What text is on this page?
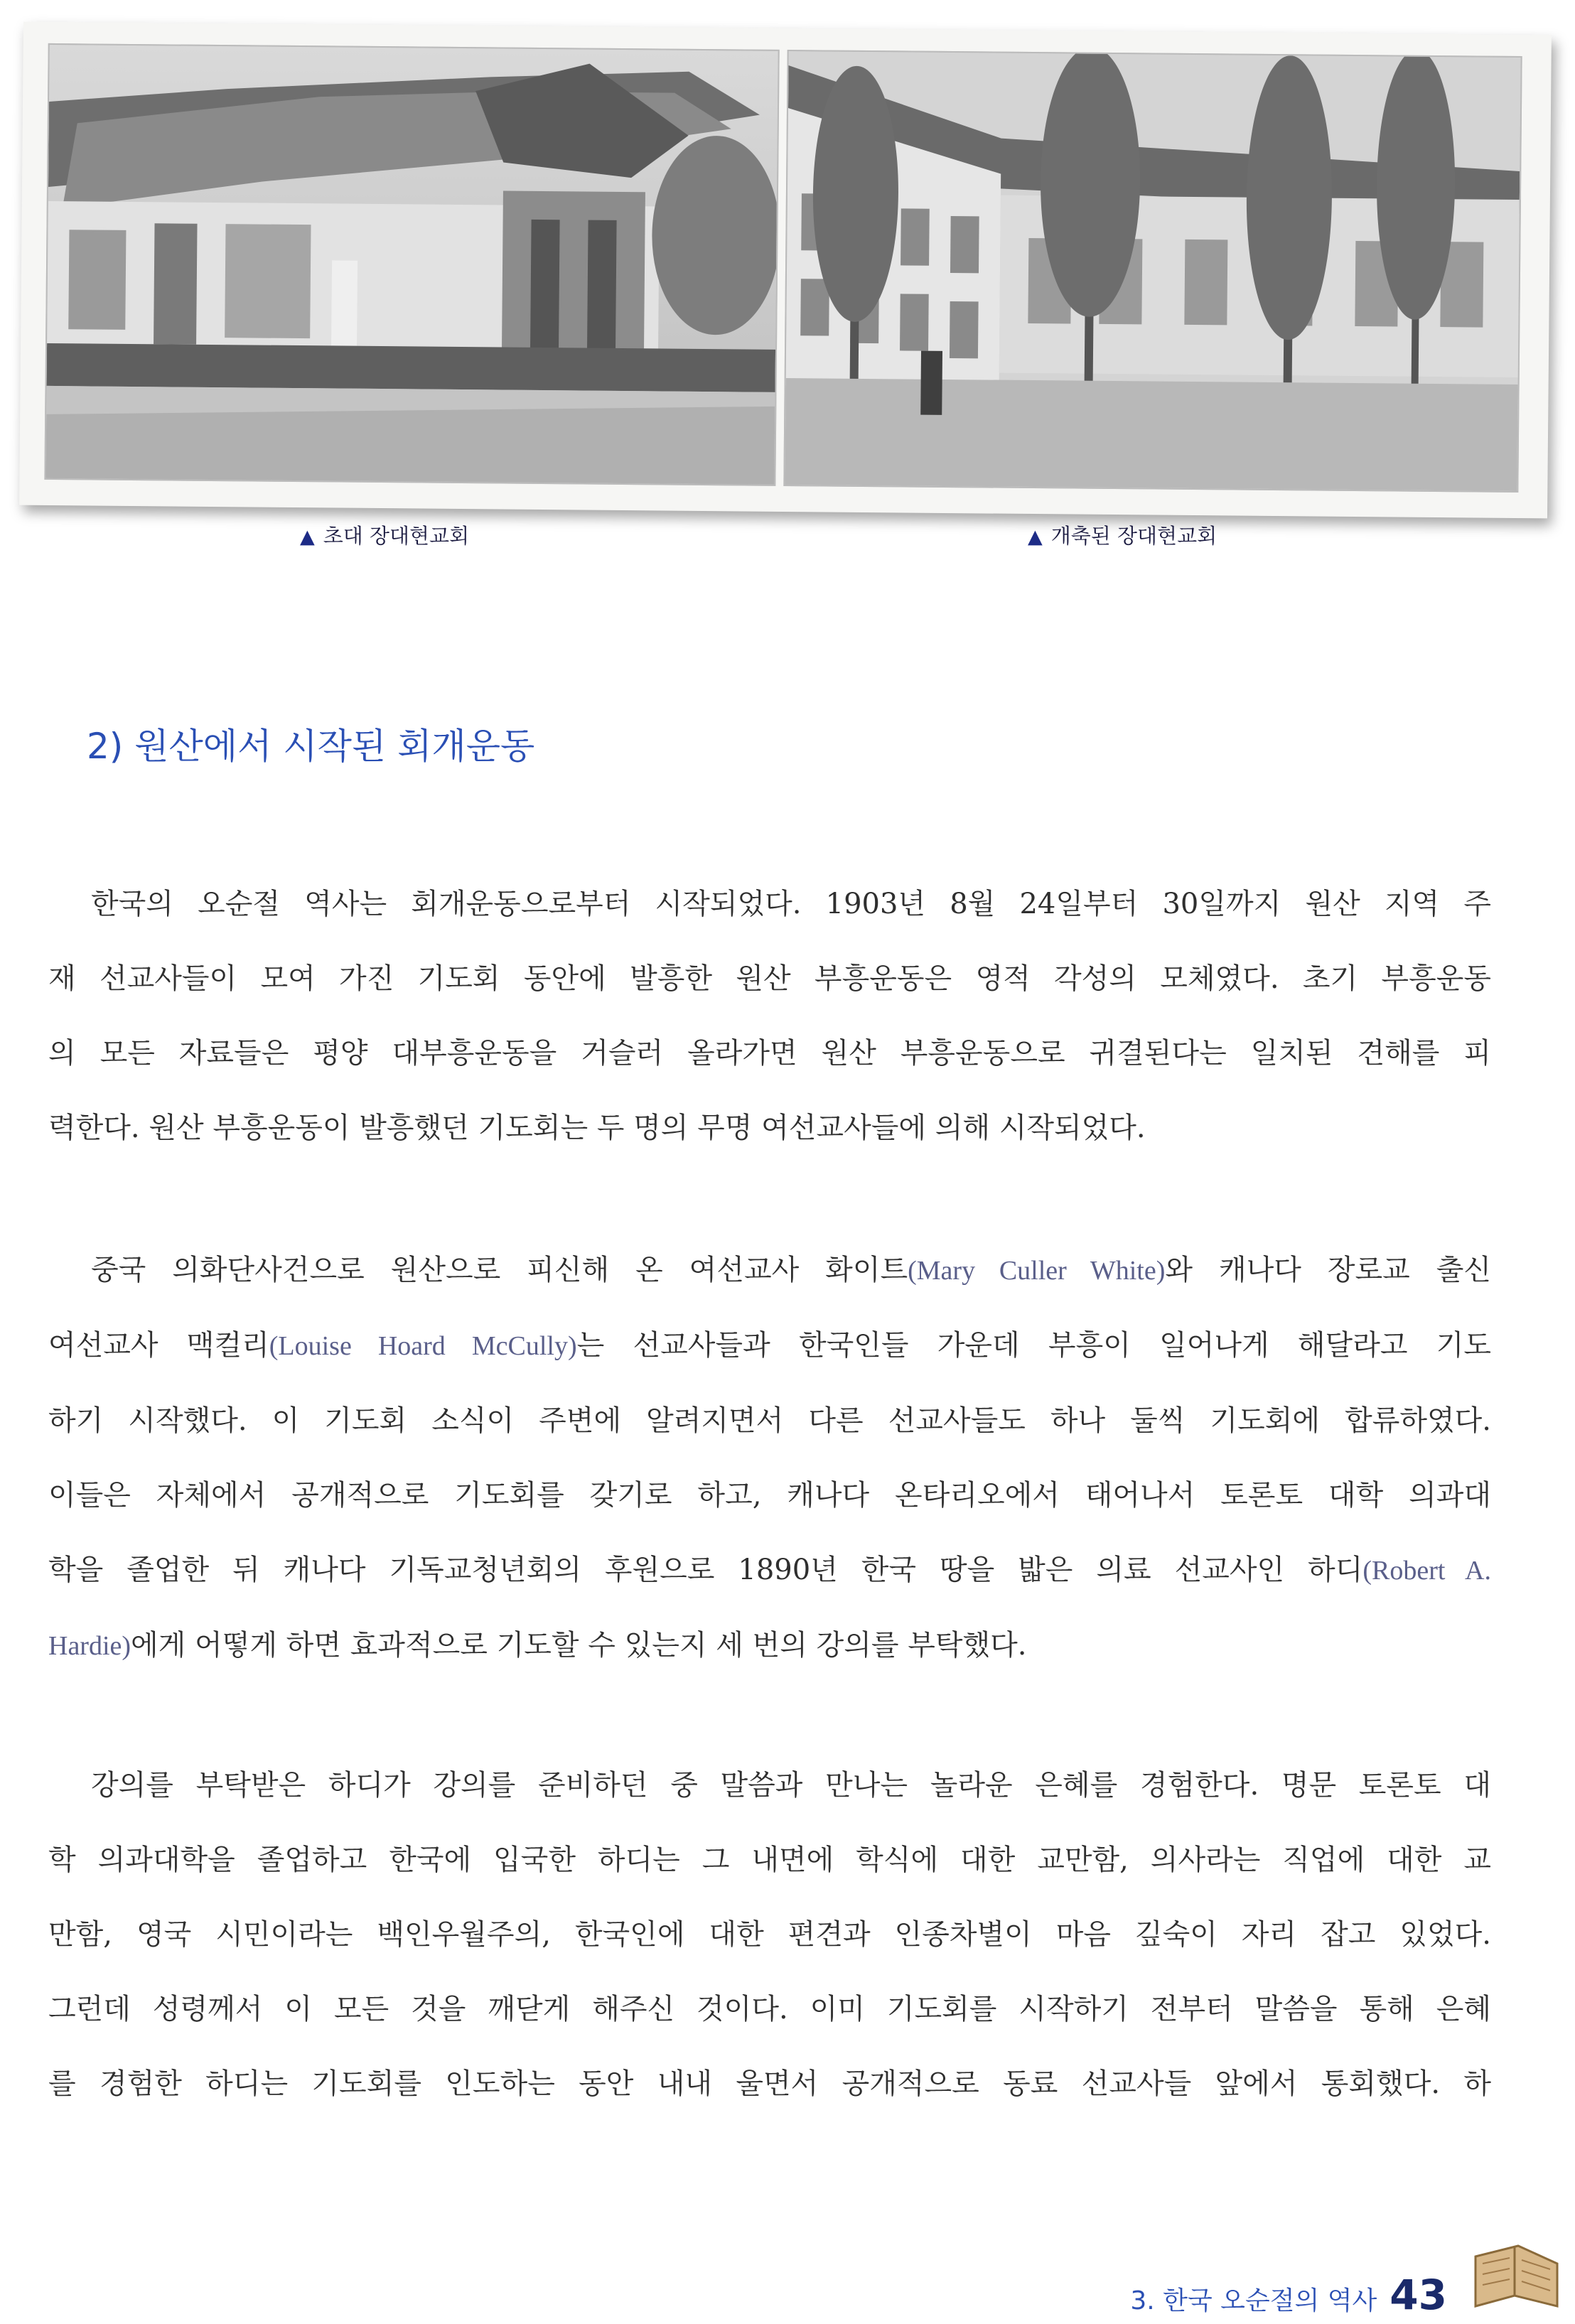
▲ 초대 장대현교회	▲ 개축된 장대현교회
2) 원산에서 시작된 회개운동

한국의 오순절 역사는 회개운동으로부터 시작되었다. 1903년 8월 24일부터 30일까지 원산 지역 주
재 선교사들이 모여 가진 기도회 동안에 발흥한 원산 부흥운동은 영적 각성의 모체였다. 초기 부흥운동
의 모든 자료들은 평양 대부흥운동을 거슬러 올라가면 원산 부흥운동으로 귀결된다는 일치된 견해를 피
력한다. 원산 부흥운동이 발흥했던 기도회는 두 명의 무명 여선교사들에 의해 시작되었다.

중국 의화단사건으로 원산으로 피신해 온 여선교사 화이트(Mary Culler White)와 캐나다 장로교 출신
여선교사 맥컬리(Louise Hoard McCully)는 선교사들과 한국인들 가운데 부흥이 일어나게 해달라고 기도
하기 시작했다. 이 기도회 소식이 주변에 알려지면서 다른 선교사들도 하나 둘씩 기도회에 합류하였다.
이들은 자체에서 공개적으로 기도회를 갖기로 하고, 캐나다 온타리오에서 태어나서 토론토 대학 의과대
학을 졸업한 뒤 캐나다 기독교청년회의 후원으로 1890년 한국 땅을 밟은 의료 선교사인 하디(Robert A.
Hardie)에게 어떻게 하면 효과적으로 기도할 수 있는지 세 번의 강의를 부탁했다.

강의를 부탁받은 하디가 강의를 준비하던 중 말씀과 만나는 놀라운 은혜를 경험한다. 명문 토론토 대
학 의과대학을 졸업하고 한국에 입국한 하디는 그 내면에 학식에 대한 교만함, 의사라는 직업에 대한 교
만함, 영국 시민이라는 백인우월주의, 한국인에 대한 편견과 인종차별이 마음 깊숙이 자리 잡고 있었다.
그런데 성령께서 이 모든 것을 깨닫게 해주신 것이다. 이미 기도회를 시작하기 전부터 말씀을 통해 은혜
를 경험한 하디는 기도회를 인도하는 동안 내내 울면서 공개적으로 동료 선교사들 앞에서 통회했다. 하

3. 한국 오순절의 역사 43
